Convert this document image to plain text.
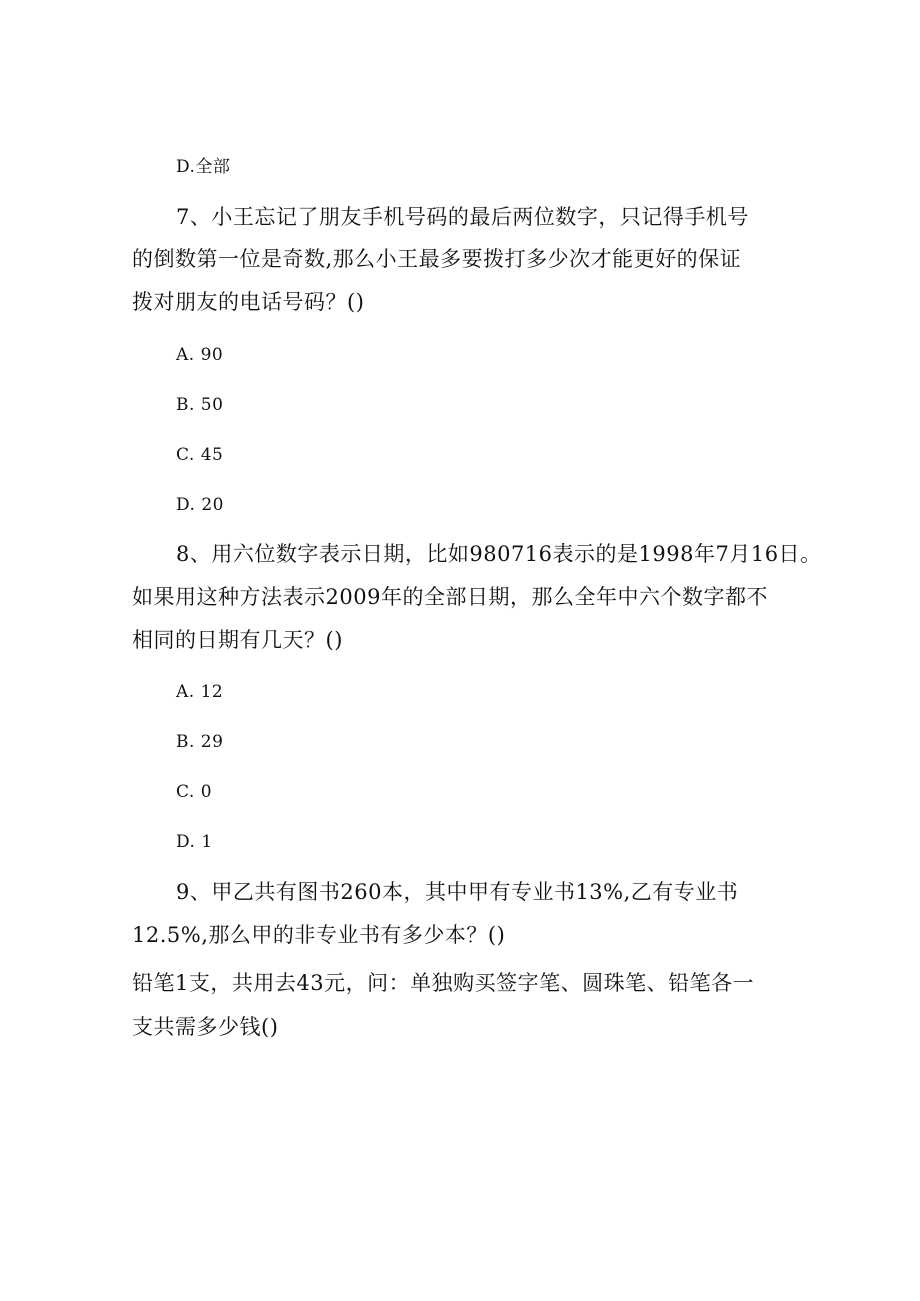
D.全部
7、小王忘记了朋友手机号码的最后两位数字，只记得手机号
的倒数第一位是奇数,那么小王最多要拨打多少次才能更好的保证
拨对朋友的电话号码？()
A. 90
B. 50
C. 45
D. 20
8、用六位数字表示日期，比如980716表示的是1998年7月16日。
如果用这种方法表示2009年的全部日期，那么全年中六个数字都不
相同的日期有几天？()
A. 12
B. 29
C. 0
D. 1
9、甲乙共有图书260本，其中甲有专业书13%,乙有专业书
12.5%,那么甲的非专业书有多少本？()
铅笔1支，共用去43元，问：单独购买签字笔、圆珠笔、铅笔各一
支共需多少钱()
